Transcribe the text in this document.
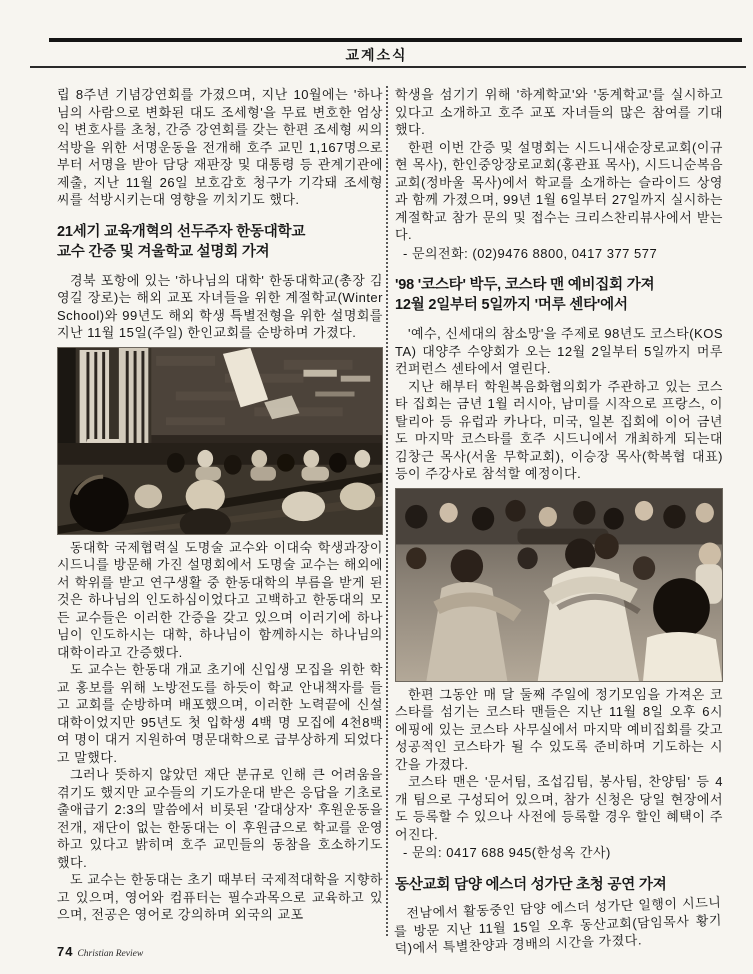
교계소식

립 8주년 기념강연회를 가졌으며, 지난 10월에는 '하나님의 사람으로 변화된 대도 조세형'을 무료 변호한 엄상익 변호사를 초청, 간증 강연회를 갖는 한편 조세형 씨의 석방을 위한 서명운동을 전개해 호주 교민 1,167명으로부터 서명을 받아 담당 재판장 및 대통령 등 관계기관에 제출, 지난 11월 26일 보호감호 청구가 기각돼 조세형 씨를 석방시키는대 영향을 끼치기도 했다.

21세기 교육개혁의 선두주자 한동대학교
교수 간증 및 겨울학교 설명회 가져

경북 포항에 있는 '하나님의 대학' 한동대학교(총장 김영길 장로)는 해외 교포 자녀들을 위한 계절학교(Winter School)와 99년도 해외 학생 특별전형을 위한 설명회를 지난 11월 15일(주일) 한인교회를 순방하며 가졌다.

동대학 국제협력실 도명술 교수와 이대숙 학생과장이 시드니를 방문해 가진 설명회에서 도명술 교수는 해외에서 학위를 받고 연구생활 중 한동대학의 부름을 받게 된 것은 하나님의 인도하심이었다고 고백하고 한동대의 모든 교수들은 이러한 간증을 갖고 있으며 이러기에 하나님이 인도하시는 대학, 하나님이 함께하시는 하나님의 대학이라고 간증했다.

도 교수는 한동대 개교 초기에 신입생 모집을 위한 학교 홍보를 위해 노방전도를 하듯이 학교 안내책자를 들고 교회를 순방하며 배포했으며, 이러한 노력끝에 신설대학이었지만 95년도 첫 입학생 4백 명 모집에 4천8백여 명이 대거 지원하여 명문대학으로 급부상하게 되었다고 말했다.

그러나 뜻하지 않았던 재단 분규로 인해 큰 어려움을 겪기도 했지만 교수들의 기도가운대 받은 응답을 기초로 출애급기 2:3의 말씀에서 비롯된 '갈대상자' 후원운동을 전개, 재단이 없는 한동대는 이 후원금으로 학교를 운영하고 있다고 밝히며 호주 교민들의 동참을 호소하기도 했다.

도 교수는 한동대는 초기 때부터 국제적대학을 지향하고 있으며, 영어와 컴퓨터는 필수과목으로 교육하고 있으며, 전공은 영어로 강의하며 외국의 교포

학생을 섬기기 위해 '하계학교'와 '동계학교'를 실시하고 있다고 소개하고 호주 교포 자녀들의 많은 참여를 기대했다.

한편 이번 간증 및 설명회는 시드니새순장로교회(이규현 목사), 한인중앙장로교회(홍관표 목사), 시드니순복음교회(정바울 목사)에서 학교를 소개하는 슬라이드 상영과 함께 가졌으며, 99년 1월 6일부터 27일까지 실시하는 계절학교 참가 문의 및 접수는 크리스찬리뷰사에서 받는다.

- 문의전화: (02)9476 8800, 0417 377 577

'98 '코스타' 박두, 코스타 맨 예비집회 가져
12월 2일부터 5일까지 '머루 센타'에서

'예수, 신세대의 참소망'을 주제로 98년도 코스타(KOSTA) 대양주 수양회가 오는 12월 2일부터 5일까지 머루 컨퍼런스 센타에서 열린다.

지난 해부터 학원복음화협의회가 주관하고 있는 코스타 집회는 금년 1월 러시아, 남미를 시작으로 프랑스, 이탈리아 등 유럽과 카나다, 미국, 일본 집회에 이어 금년도 마지막 코스타를 호주 시드니에서 개최하게 되는대 김창근 목사(서울 무학교회), 이승장 목사(학복협 대표) 등이 주강사로 참석할 예정이다.

한편 그동안 매 달 둘째 주일에 정기모임을 가져온 코스타를 섬기는 코스타 맨들은 지난 11월 8일 오후 6시 에핑에 있는 코스타 사무실에서 마지막 예비집회를 갖고 성공적인 코스타가 될 수 있도록 준비하며 기도하는 시간을 가졌다.

코스타 맨은 '문서팀, 조섭김팀, 봉사팀, 찬양팀' 등 4개 팀으로 구성되어 있으며, 참가 신청은 당일 현장에서도 등록할 수 있으나 사전에 등록할 경우 할인 혜택이 주어진다.

- 문의: 0417 688 945(한성옥 간사)

동산교회 담양 에스더 성가단 초청 공연 가져

전남에서 활동중인 담양 에스더 성가단 일행이 시드니를 방문 지난 11월 15일 오후 동산교회(담임목사 황기덕)에서 특별찬양과 경배의 시간을 가졌다.

74 Christian Review
